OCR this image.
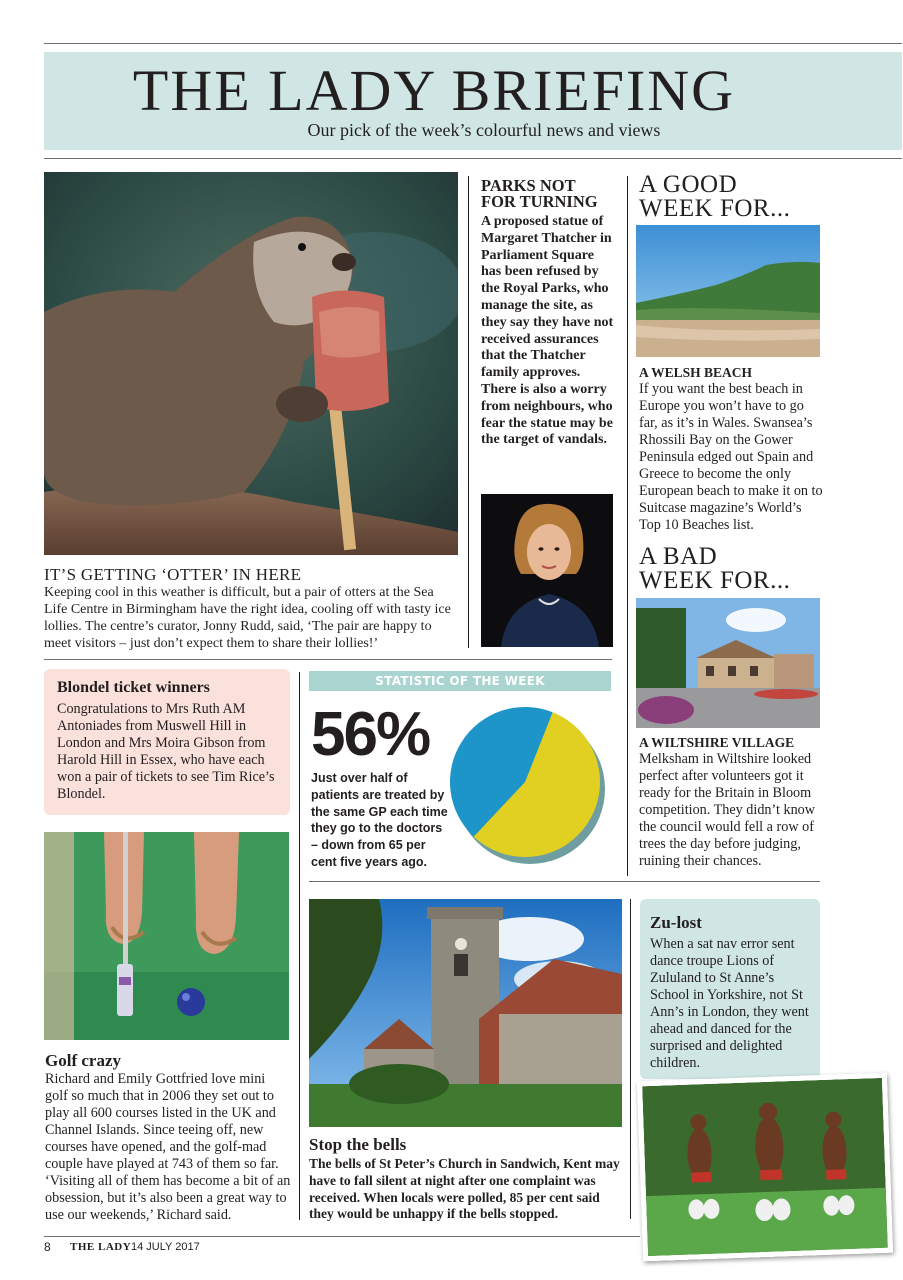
THE LADY BRIEFING
Our pick of the week’s colourful news and views
IT’S GETTING ‘OTTER’ IN HERE
Keeping cool in this weather is difficult, but a pair of otters at the Sea Life Centre in Birmingham have the right idea, cooling off with tasty ice lollies. The centre’s curator, Jonny Rudd, said, ‘The pair are happy to meet visitors – just don’t expect them to share their lollies!’
PARKS NOT
FOR TURNING
A proposed statue of Margaret Thatcher in Parliament Square has been refused by the Royal Parks, who manage the site, as they say they have not received assurances that the Thatcher family approves. There is also a worry from neighbours, who fear the statue may be the target of vandals.
A GOOD
WEEK FOR...
A WELSH BEACH
If you want the best beach in Europe you won’t have to go far, as it’s in Wales. Swansea’s Rhossili Bay on the Gower Peninsula edged out Spain and Greece to become the only European beach to make it on to Suitcase magazine’s World’s Top 10 Beaches list.
A BAD
WEEK FOR...
A WILTSHIRE VILLAGE
Melksham in Wiltshire looked perfect after volunteers got it ready for the Britain in Bloom competition. They didn’t know the council would fell a row of trees the day before judging, ruining their chances.
Blondel ticket winners
Congratulations to Mrs Ruth AM Antoniades from Muswell Hill in London and Mrs Moira Gibson from Harold Hill in Essex, who have each won a pair of tickets to see Tim Rice’s Blondel.
STATISTIC OF THE WEEK
56%
Just over half of patients are treated by the same GP each time they go to the doctors – down from 65 per cent five years ago.
Golf crazy
Richard and Emily Gottfried love mini golf so much that in 2006 they set out to play all 600 courses listed in the UK and Channel Islands. Since teeing off, new courses have opened, and the golf-mad couple have played at 743 of them so far. ‘Visiting all of them has become a bit of an obsession, but it’s also been a great way to use our weekends,’ Richard said.
Stop the bells
The bells of St Peter’s Church in Sandwich, Kent may have to fall silent at night after one complaint was received. When locals were polled, 85 per cent said they would be unhappy if the bells stopped.
Zu-lost
When a sat nav error sent dance troupe Lions of Zululand to St Anne’s School in Yorkshire, not St Ann’s in London, they went ahead and danced for the surprised and delighted children.
8 THE LADY 14 JULY 2017
